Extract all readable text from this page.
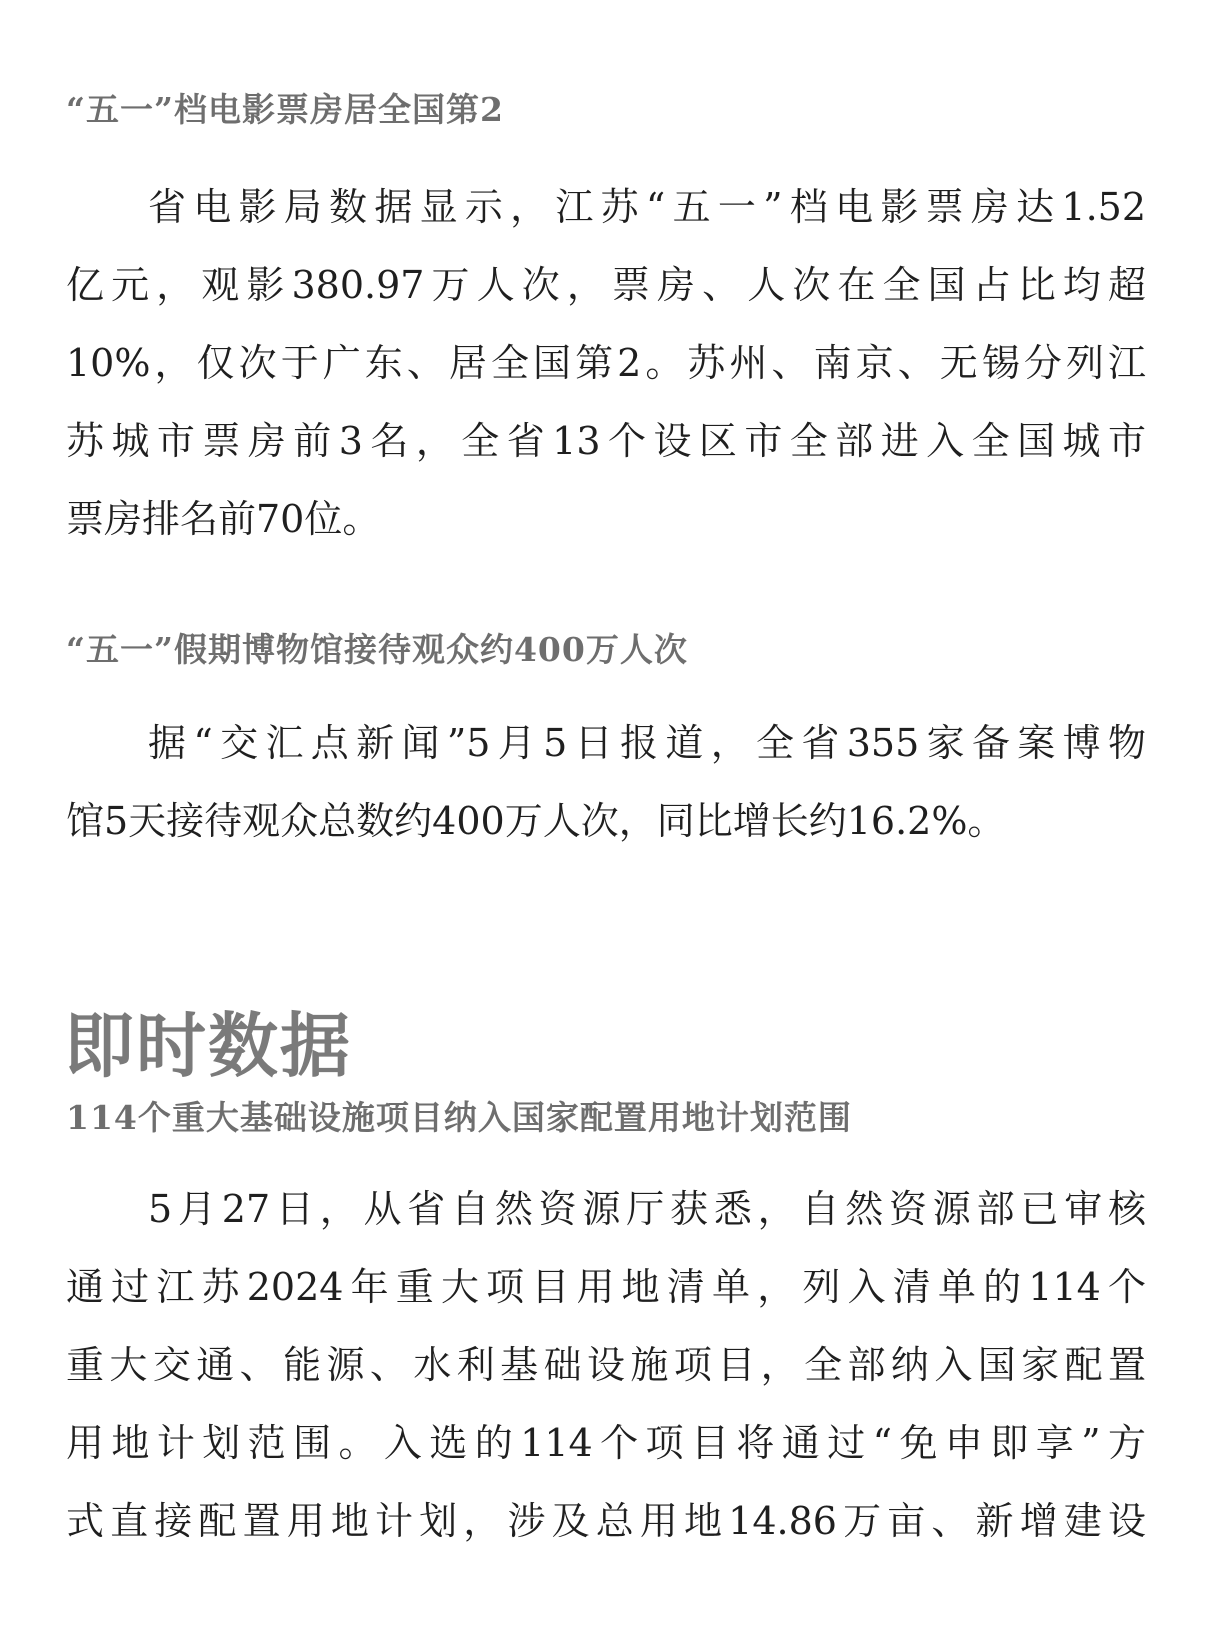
“五一”档电影票房居全国第2
省电影局数据显示，江苏“五一”档电影票房达1.52
亿元，观影380.97万人次，票房、人次在全国占比均超
10%，仅次于广东、居全国第2。苏州、南京、无锡分列江
苏城市票房前3名，全省13个设区市全部进入全国城市
票房排名前70位。
“五一”假期博物馆接待观众约400万人次
据“交汇点新闻”5月5日报道，全省355家备案博物
馆5天接待观众总数约400万人次，同比增长约16.2%。
即时数据
114个重大基础设施项目纳入国家配置用地计划范围
5月27日，从省自然资源厅获悉，自然资源部已审核
通过江苏2024年重大项目用地清单，列入清单的114个
重大交通、能源、水利基础设施项目，全部纳入国家配置
用地计划范围。入选的114个项目将通过“免申即享”方
式直接配置用地计划，涉及总用地14.86万亩、新增建设
